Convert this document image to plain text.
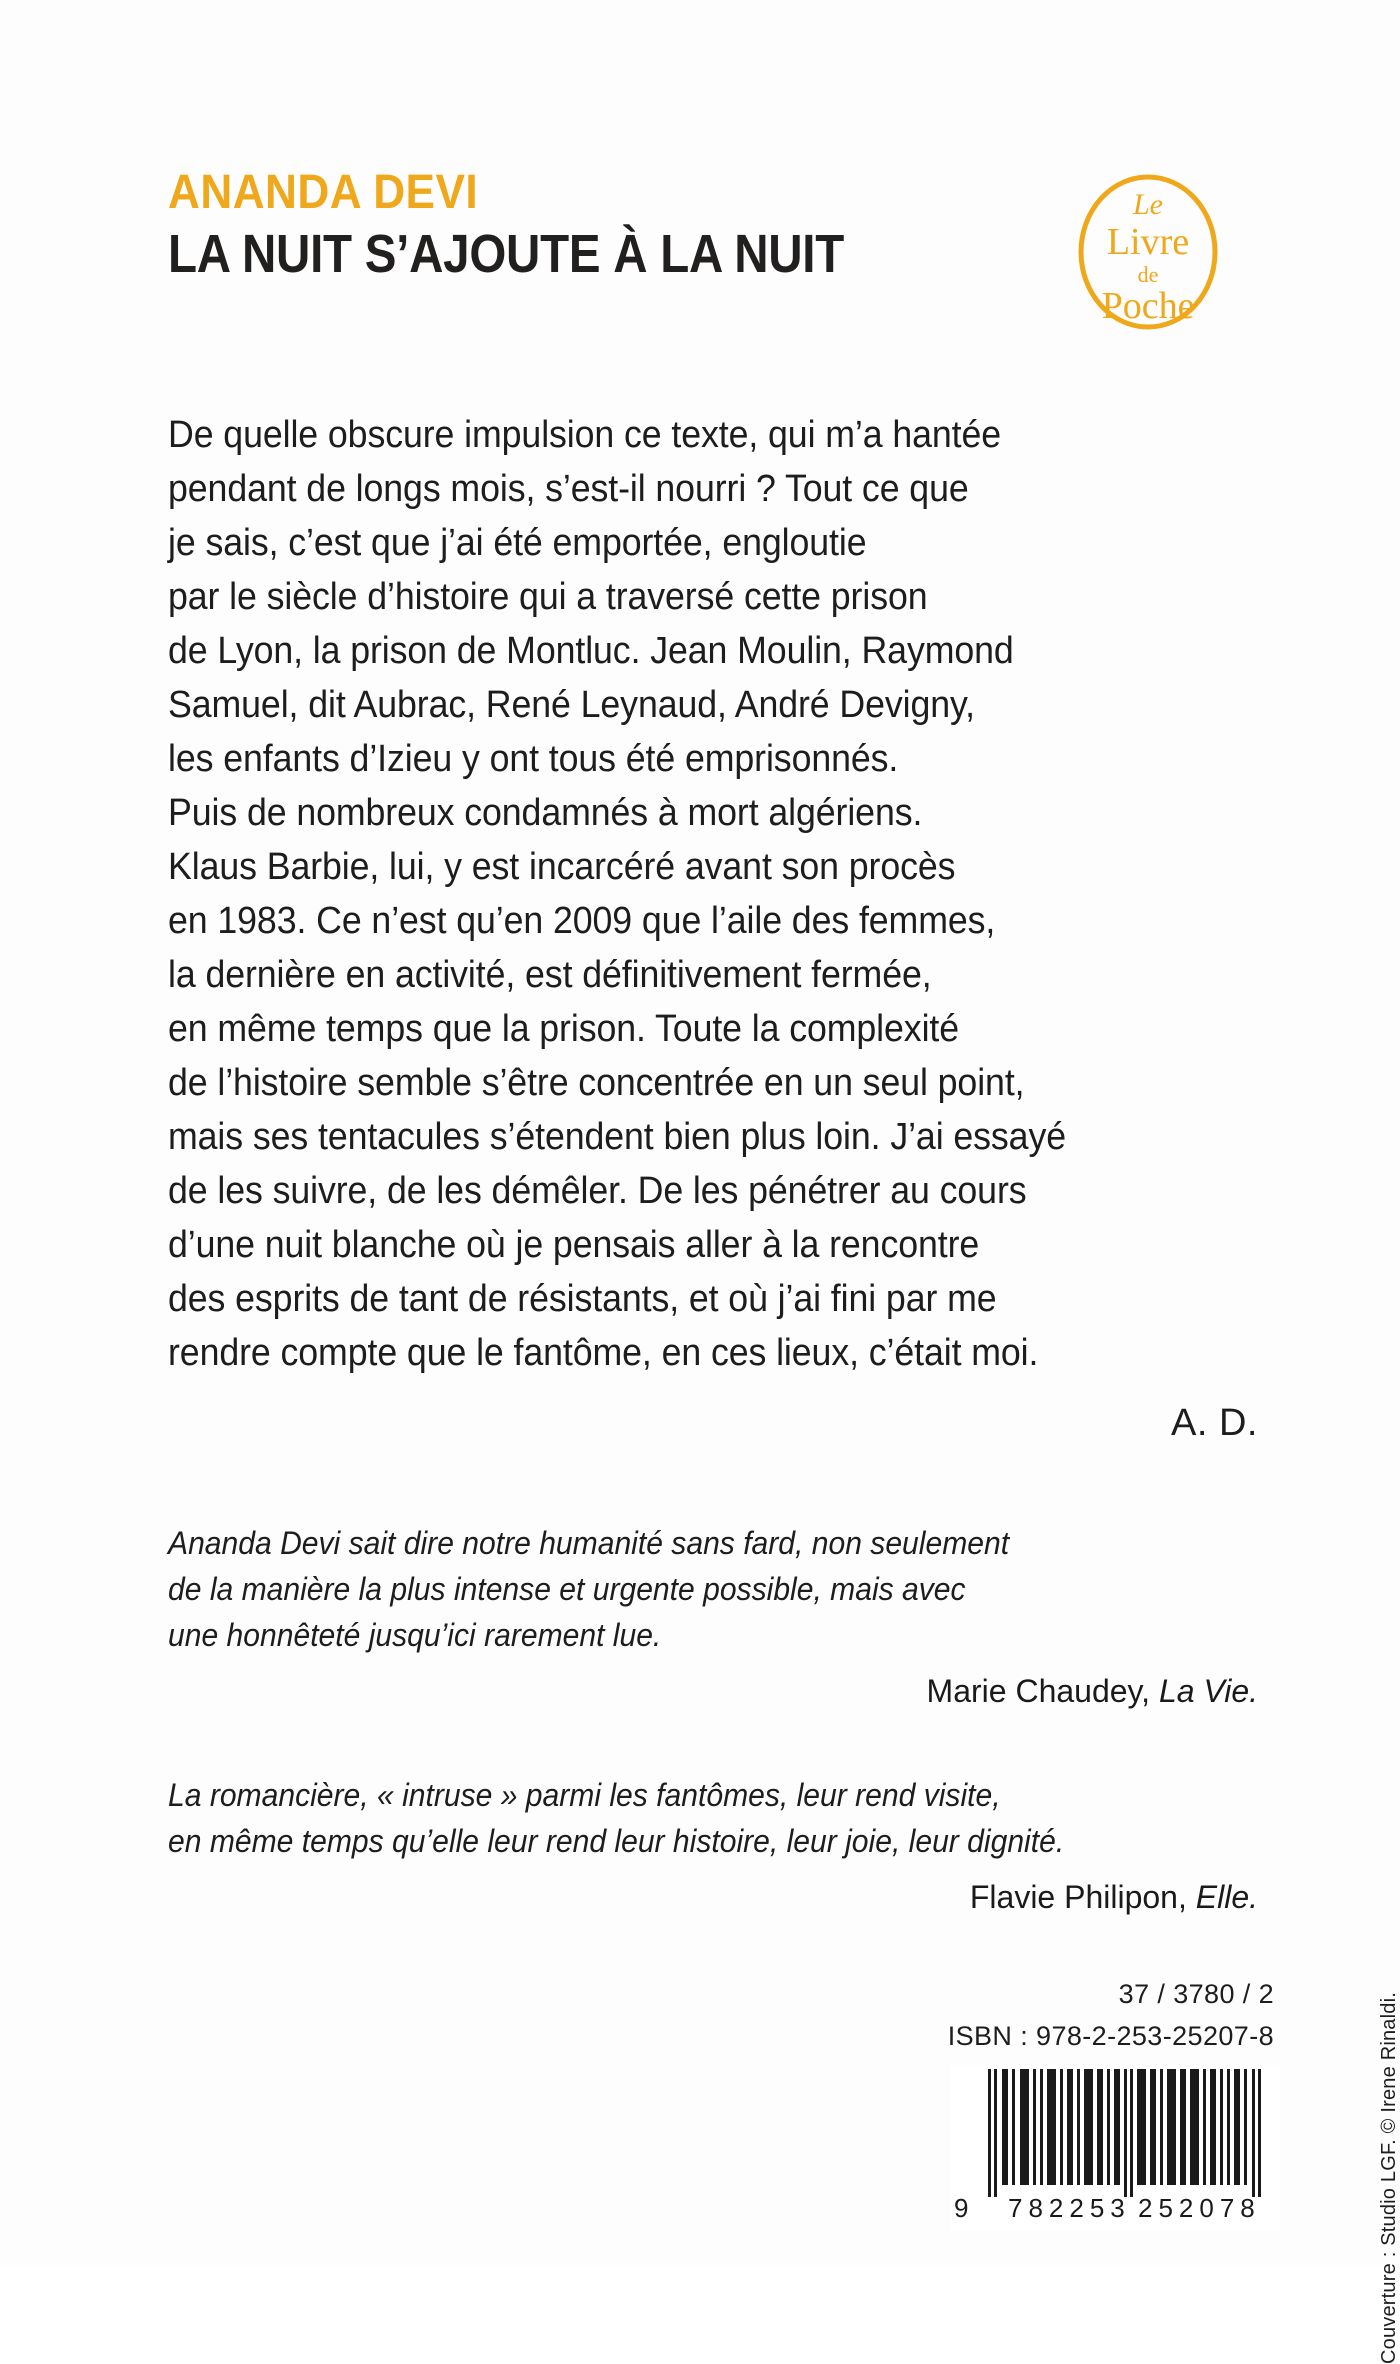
ANANDA DEVI
LA NUIT S’AJOUTE À LA NUIT
Le
Livre
de
Poche
De quelle obscure impulsion ce texte, qui m’a hantée
pendant de longs mois, s’est-il nourri ? Tout ce que
je sais, c’est que j’ai été emportée, engloutie
par le siècle d’histoire qui a traversé cette prison
de Lyon, la prison de Montluc. Jean Moulin, Raymond
Samuel, dit Aubrac, René Leynaud, André Devigny,
les enfants d’Izieu y ont tous été emprisonnés.
Puis de nombreux condamnés à mort algériens.
Klaus Barbie, lui, y est incarcéré avant son procès
en 1983. Ce n’est qu’en 2009 que l’aile des femmes,
la dernière en activité, est définitivement fermée,
en même temps que la prison. Toute la complexité
de l’histoire semble s’être concentrée en un seul point,
mais ses tentacules s’étendent bien plus loin. J’ai essayé
de les suivre, de les démêler. De les pénétrer au cours
d’une nuit blanche où je pensais aller à la rencontre
des esprits de tant de résistants, et où j’ai fini par me
rendre compte que le fantôme, en ces lieux, c’était moi.
A. D.
Ananda Devi sait dire notre humanité sans fard, non seulement
de la manière la plus intense et urgente possible, mais avec
une honnêteté jusqu’ici rarement lue.
Marie Chaudey, La Vie.
La romancière, « intruse » parmi les fantômes, leur rend visite,
en même temps qu’elle leur rend leur histoire, leur joie, leur dignité.
Flavie Philipon, Elle.
Couverture : Studio LGF. © Irene Rinaldi.
37 / 3780 / 2
ISBN : 978-2-253-25207-8
9 782253 252078
